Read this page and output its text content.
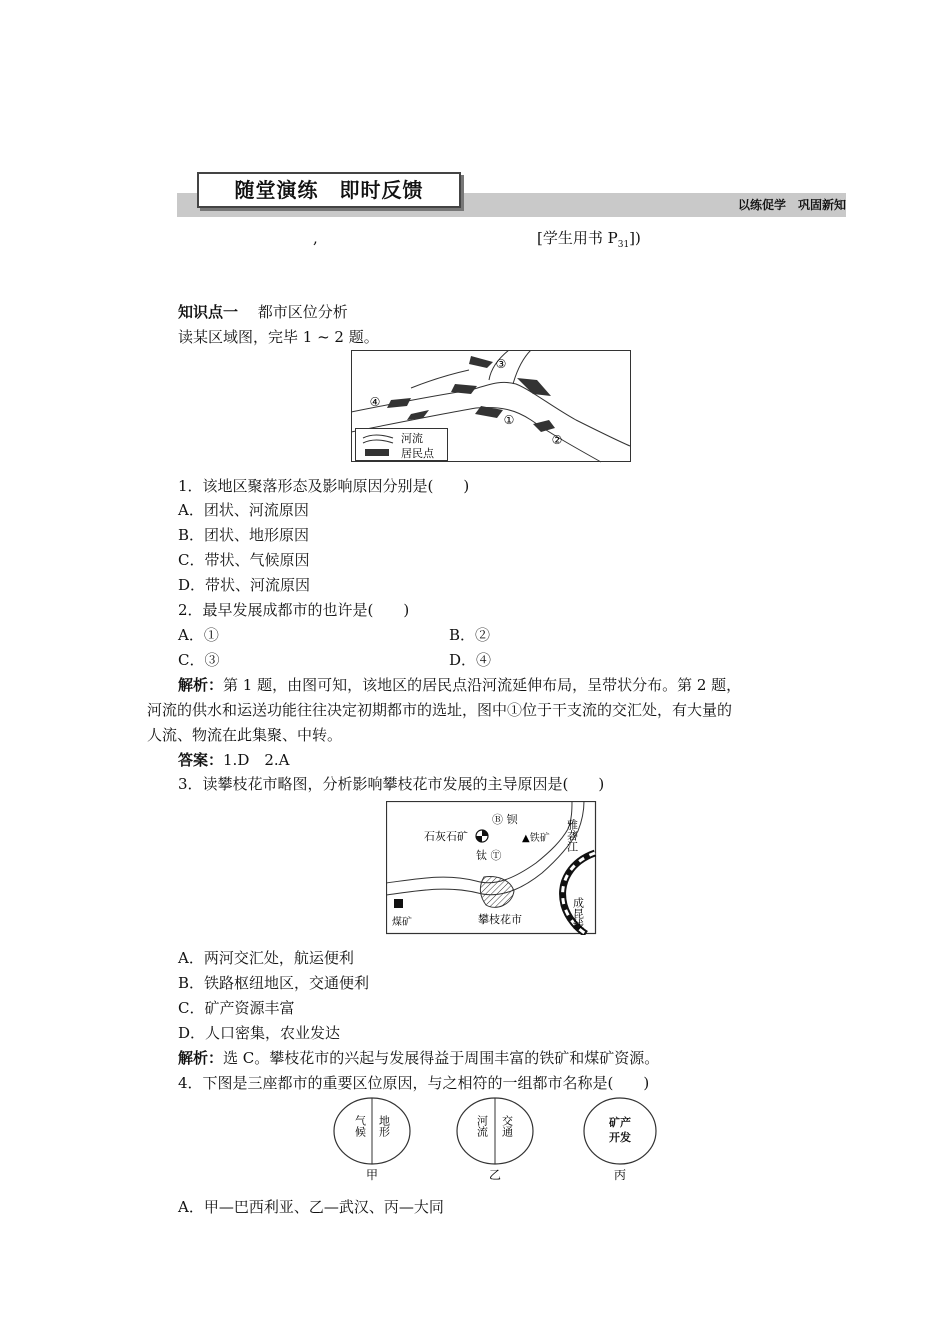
随堂演练　即时反馈
以练促学　巩固新知
,	[学生用书 $P_{31}$])
知识点一　 都市区位分析
读某区域图，完毕 1 ~ 2 题。
③
④
①
②
河流
居民点
1．该地区聚落形态及影响原因分别是(　　)
A．团状、河流原因
B．团状、地形原因
C．带状、气候原因
D．带状、河流原因
2．最早发展成都市的也许是(　　)
A．①	B．②
C．③	D．④
解析：第 1 题，由图可知，该地区的居民点沿河流延伸布局，呈带状分布。第 2 题，
河流的供水和运送功能往往决定初期都市的选址，图中①位于干支流的交汇处，有大量的
人流、物流在此集聚、中转。
答案：1.D　2.A
3．读攀枝花市略图，分析影响攀枝花市发展的主导原因是(　　)
Ⓑ 钡
石灰石矿	▲铁矿
钛 Ⓣ
雅砻江
煤矿	攀枝花市	成昆线
A．两河交汇处，航运便利
B．铁路枢纽地区，交通便利
C．矿产资源丰富
D．人口密集，农业发达
解析：选 C。攀枝花市的兴起与发展得益于周围丰富的铁矿和煤矿资源。
4．下图是三座都市的重要区位原因，与之相符的一组都市名称是(　　)
气候 地形
甲
河流 交通
乙
矿产开发
丙
A．甲—巴西利亚、乙—武汉、丙—大同
